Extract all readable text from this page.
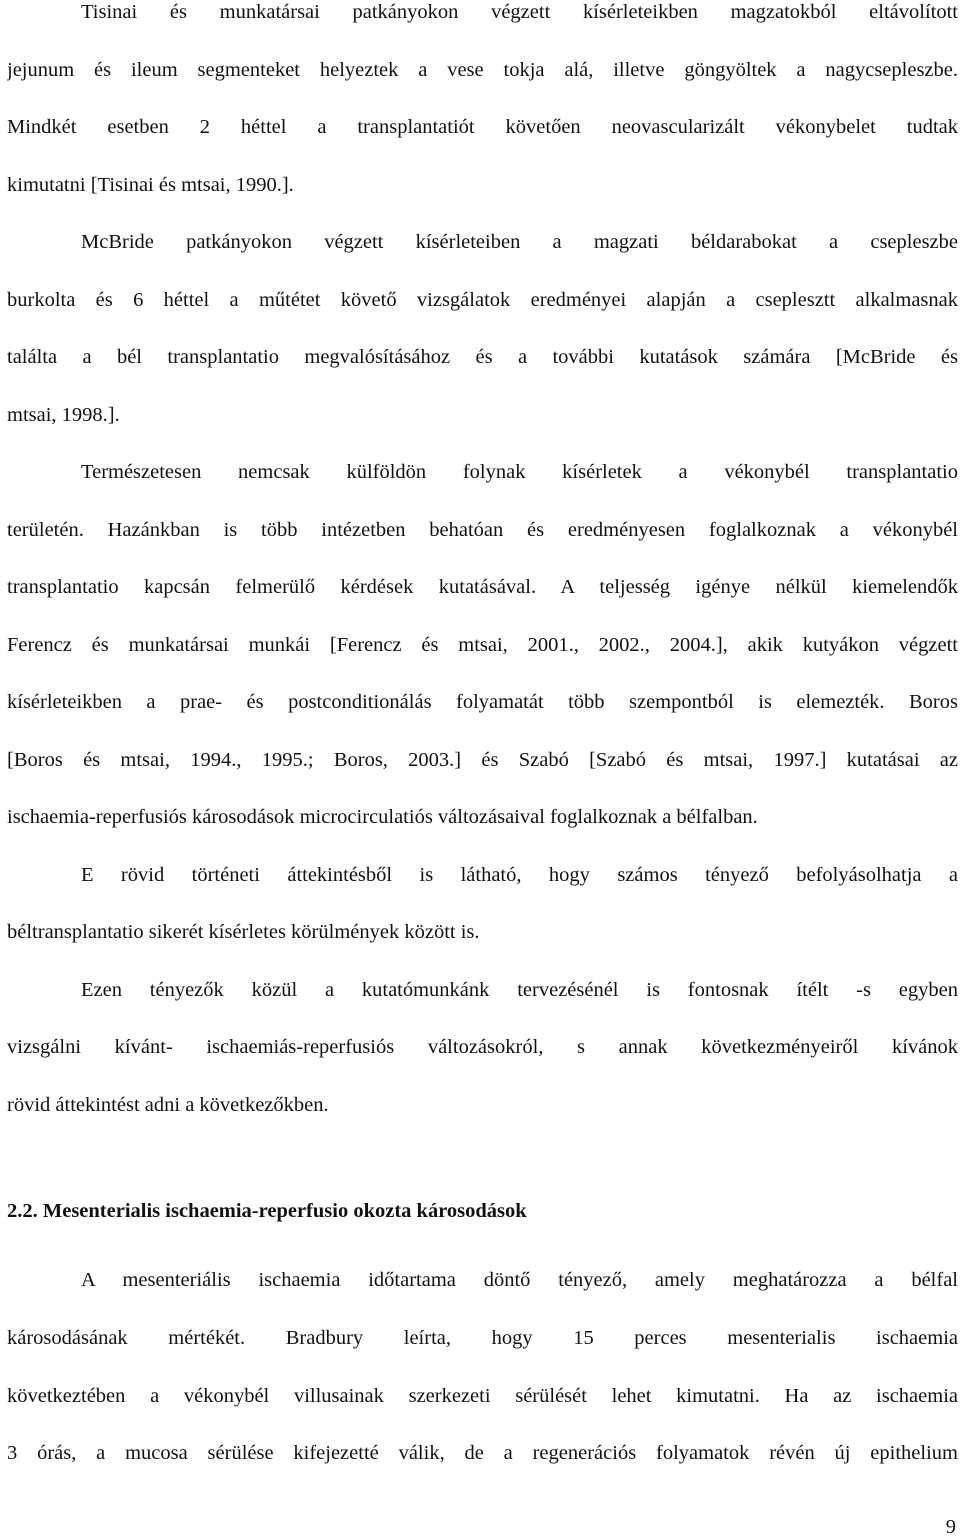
Tisinai és munkatársai patkányokon végzett kísérleteikben magzatokból eltávolított
jejunum és ileum segmenteket helyeztek a vese tokja alá, illetve göngyöltek a nagycsepleszbe.
Mindkét esetben 2 héttel a transplantatiót követően neovascularizált vékonybelet tudtak
kimutatni [Tisinai és mtsai, 1990.].
McBride patkányokon végzett kísérleteiben a magzati béldarabokat a csepleszbe
burkolta és 6 héttel a műtétet követő vizsgálatok eredményei alapján a cseplesztt alkalmasnak
találta a bél transplantatio megvalósításához és a további kutatások számára [McBride és
mtsai, 1998.].
Természetesen nemcsak külföldön folynak kísérletek a vékonybél transplantatio
területén. Hazánkban is több intézetben behatóan és eredményesen foglalkoznak a vékonybél
transplantatio kapcsán felmerülő kérdések kutatásával. A teljesség igénye nélkül kiemelendők
Ferencz és munkatársai munkái [Ferencz és mtsai, 2001., 2002., 2004.], akik kutyákon végzett
kísérleteikben a prae- és postconditionálás folyamatát több szempontból is elemezték. Boros
[Boros és mtsai, 1994., 1995.; Boros, 2003.] és Szabó [Szabó és mtsai, 1997.] kutatásai az
ischaemia-reperfusiós károsodások microcirculatiós változásaival foglalkoznak a bélfalban.
E rövid történeti áttekintésből is látható, hogy számos tényező befolyásolhatja a
béltransplantatio sikerét kísérletes körülmények között is.
Ezen tényezők közül a kutatómunkánk tervezésénél is fontosnak ítélt -s egyben
vizsgálni kívánt- ischaemiás-reperfusiós változásokról, s annak következményeiről kívánok
rövid áttekintést adni a következőkben.
2.2. Mesenterialis ischaemia-reperfusio okozta károsodások
A mesenteriális ischaemia időtartama döntő tényező, amely meghatározza a bélfal
károsodásának mértékét. Bradbury leírta, hogy 15 perces mesenterialis ischaemia
következtében a vékonybél villusainak szerkezeti sérülését lehet kimutatni. Ha az ischaemia
3 órás, a mucosa sérülése kifejezetté válik, de a regenerációs folyamatok révén új epithelium
9
